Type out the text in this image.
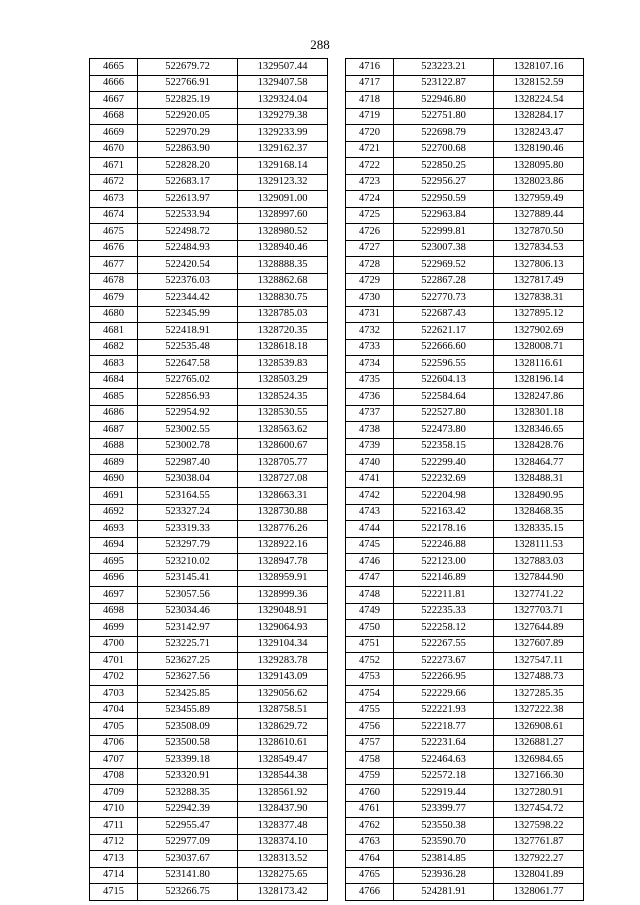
288
4665	522679.72	1329507.44
4666	522766.91	1329407.58
4667	522825.19	1329324.04
4668	522920.05	1329279.38
4669	522970.29	1329233.99
4670	522863.90	1329162.37
4671	522828.20	1329168.14
4672	522683.17	1329123.32
4673	522613.97	1329091.00
4674	522533.94	1328997.60
4675	522498.72	1328980.52
4676	522484.93	1328940.46
4677	522420.54	1328888.35
4678	522376.03	1328862.68
4679	522344.42	1328830.75
4680	522345.99	1328785.03
4681	522418.91	1328720.35
4682	522535.48	1328618.18
4683	522647.58	1328539.83
4684	522765.02	1328503.29
4685	522856.93	1328524.35
4686	522954.92	1328530.55
4687	523002.55	1328563.62
4688	523002.78	1328600.67
4689	522987.40	1328705.77
4690	523038.04	1328727.08
4691	523164.55	1328663.31
4692	523327.24	1328730.88
4693	523319.33	1328776.26
4694	523297.79	1328922.16
4695	523210.02	1328947.78
4696	523145.41	1328959.91
4697	523057.56	1328999.36
4698	523034.46	1329048.91
4699	523142.97	1329064.93
4700	523225.71	1329104.34
4701	523627.25	1329283.78
4702	523627.56	1329143.09
4703	523425.85	1329056.62
4704	523455.89	1328758.51
4705	523508.09	1328629.72
4706	523500.58	1328610.61
4707	523399.18	1328549.47
4708	523320.91	1328544.38
4709	523288.35	1328561.92
4710	522942.39	1328437.90
4711	522955.47	1328377.48
4712	522977.09	1328374.10
4713	523037.67	1328313.52
4714	523141.80	1328275.65
4715	523266.75	1328173.42
4716	523223.21	1328107.16
4717	523122.87	1328152.59
4718	522946.80	1328224.54
4719	522751.80	1328284.17
4720	522698.79	1328243.47
4721	522700.68	1328190.46
4722	522850.25	1328095.80
4723	522956.27	1328023.86
4724	522950.59	1327959.49
4725	522963.84	1327889.44
4726	522999.81	1327870.50
4727	523007.38	1327834.53
4728	522969.52	1327806.13
4729	522867.28	1327817.49
4730	522770.73	1327838.31
4731	522687.43	1327895.12
4732	522621.17	1327902.69
4733	522666.60	1328008.71
4734	522596.55	1328116.61
4735	522604.13	1328196.14
4736	522584.64	1328247.86
4737	522527.80	1328301.18
4738	522473.80	1328346.65
4739	522358.15	1328428.76
4740	522299.40	1328464.77
4741	522232.69	1328488.31
4742	522204.98	1328490.95
4743	522163.42	1328468.35
4744	522178.16	1328335.15
4745	522246.88	1328111.53
4746	522123.00	1327883.03
4747	522146.89	1327844.90
4748	522211.81	1327741.22
4749	522235.33	1327703.71
4750	522258.12	1327644.89
4751	522267.55	1327607.89
4752	522273.67	1327547.11
4753	522266.95	1327488.73
4754	522229.66	1327285.35
4755	522221.93	1327222.38
4756	522218.77	1326908.61
4757	522231.64	1326881.27
4758	522464.63	1326984.65
4759	522572.18	1327166.30
4760	522919.44	1327280.91
4761	523399.77	1327454.72
4762	523550.38	1327598.22
4763	523590.70	1327761.87
4764	523814.85	1327922.27
4765	523936.28	1328041.89
4766	524281.91	1328061.77
